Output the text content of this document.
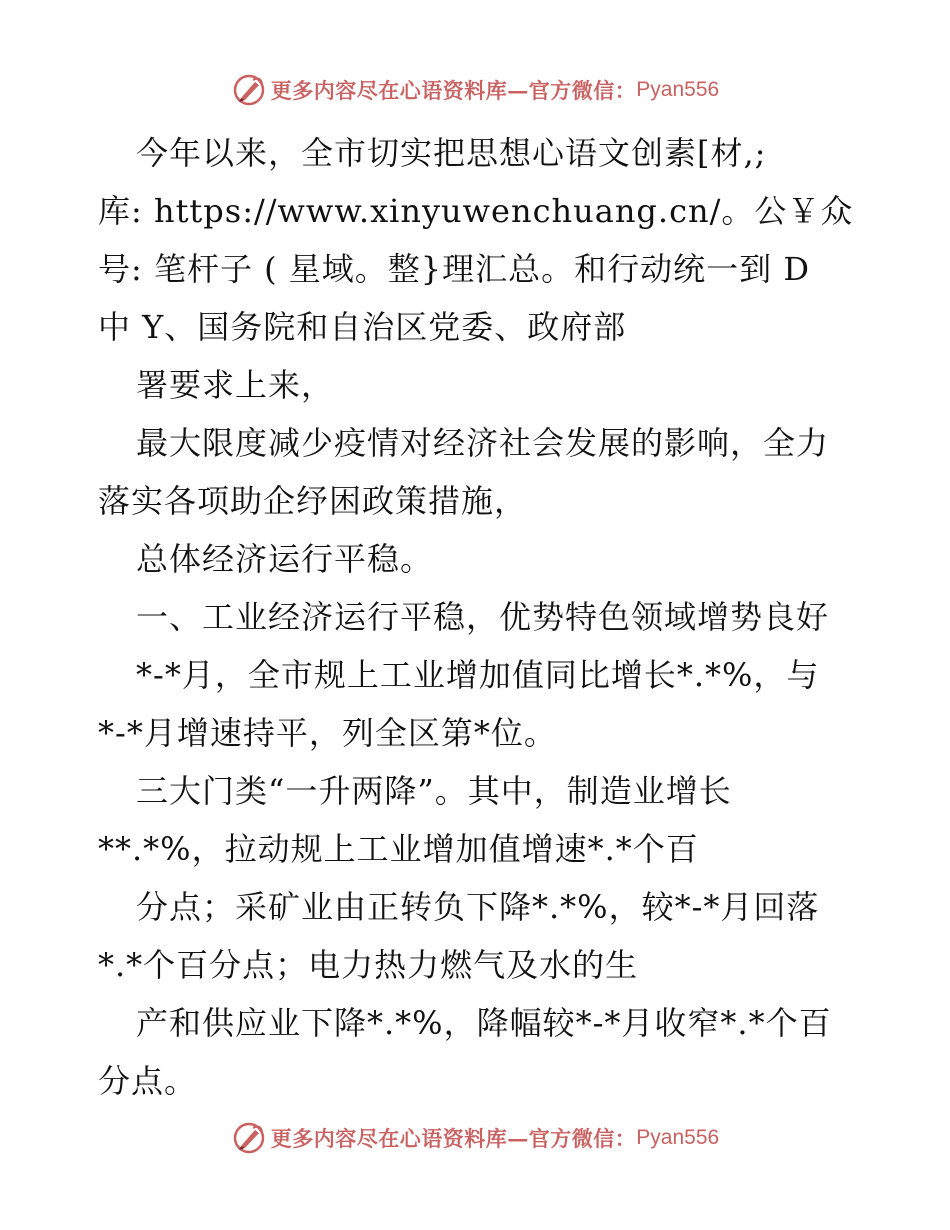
更多内容尽在心语资料库—官方微信： Pyan556
今年以来，全市切实把思想心语文创素[材,;
库: https://www.xinyuwenchuang.cn/。公￥众
号: 笔杆子 ( 星域。整}理汇总。和行动统一到 D
中 Y、国务院和自治区党委、政府部
署要求上来，
最大限度减少疫情对经济社会发展的影响，全力
落实各项助企纾困政策措施，
总体经济运行平稳。
一、工业经济运行平稳，优势特色领域增势良好
*-*月，全市规上工业增加值同比增长*.*%，与
*-*月增速持平，列全区第*位。
三大门类“一升两降”。其中，制造业增长
**.*%，拉动规上工业增加值增速*.*个百
分点；采矿业由正转负下降*.*%，较*-*月回落
*.*个百分点；电力热力燃气及水的生
产和供应业下降*.*%，降幅较*-*月收窄*.*个百
分点。
更多内容尽在心语资料库—官方微信： Pyan556
